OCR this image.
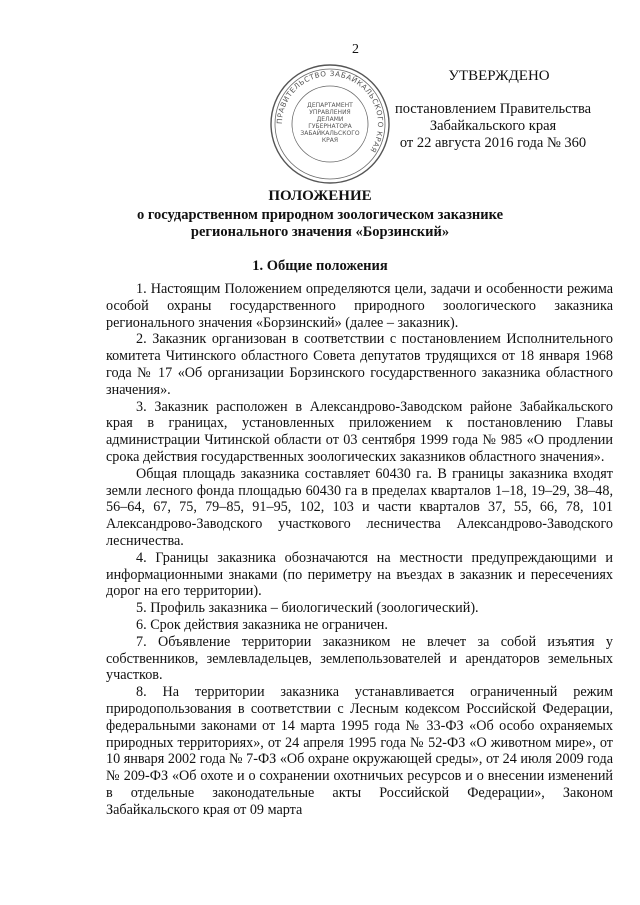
2
ПРАВИТЕЛЬСТВО ЗАБАЙКАЛЬСКОГО КРАЯ
ДЕПАРТАМЕНТ УПРАВЛЕНИЯ ДЕЛАМИ ГУБЕРНАТОРА ЗАБАЙКАЛЬСКОГО КРАЯ
УТВЕРЖДЕНО
постановлением Правительства
Забайкальского края
от 22 августа 2016 года № 360
ПОЛОЖЕНИЕ
о государственном природном зоологическом заказнике
регионального значения «Борзинский»
1. Общие положения

1. Настоящим Положением определяются цели, задачи и особенности режима особой охраны государственного природного зоологического заказника регионального значения «Борзинский» (далее – заказник).

2. Заказник организован в соответствии с постановлением Исполнительного комитета Читинского областного Совета депутатов трудящихся от 18 января 1968 года № 17 «Об организации Борзинского государственного заказника областного значения».

3. Заказник расположен в Александрово-Заводском районе Забайкальского края в границах, установленных приложением к постановлению Главы администрации Читинской области от 03 сентября 1999 года № 985 «О продлении срока действия государственных зоологических заказников областного значения».

Общая площадь заказника составляет 60430 га. В границы заказника входят земли лесного фонда площадью 60430 га в пределах кварталов 1–18, 19–29, 38–48, 56–64, 67, 75, 79–85, 91–95, 102, 103 и части кварталов 37, 55, 66, 78, 101 Александрово-Заводского участкового лесничества Александрово-Заводского лесничества.

4. Границы заказника обозначаются на местности предупреждающими и информационными знаками (по периметру на въездах в заказник и пересечениях дорог на его территории).

5. Профиль заказника – биологический (зоологический).

6. Срок действия заказника не ограничен.

7. Объявление территории заказником не влечет за собой изъятия у собственников, землевладельцев, землепользователей и арендаторов земельных участков.

8. На территории заказника устанавливается ограниченный режим природопользования в соответствии с Лесным кодексом Российской Федерации, федеральными законами от 14 марта 1995 года № 33-ФЗ «Об особо охраняемых природных территориях», от 24 апреля 1995 года № 52-ФЗ «О животном мире», от 10 января 2002 года № 7-ФЗ «Об охране окружающей среды», от 24 июля 2009 года № 209-ФЗ «Об охоте и о сохранении охотничьих ресурсов и о внесении изменений в отдельные законодательные акты Российской Федерации», Законом Забайкальского края от 09 марта
